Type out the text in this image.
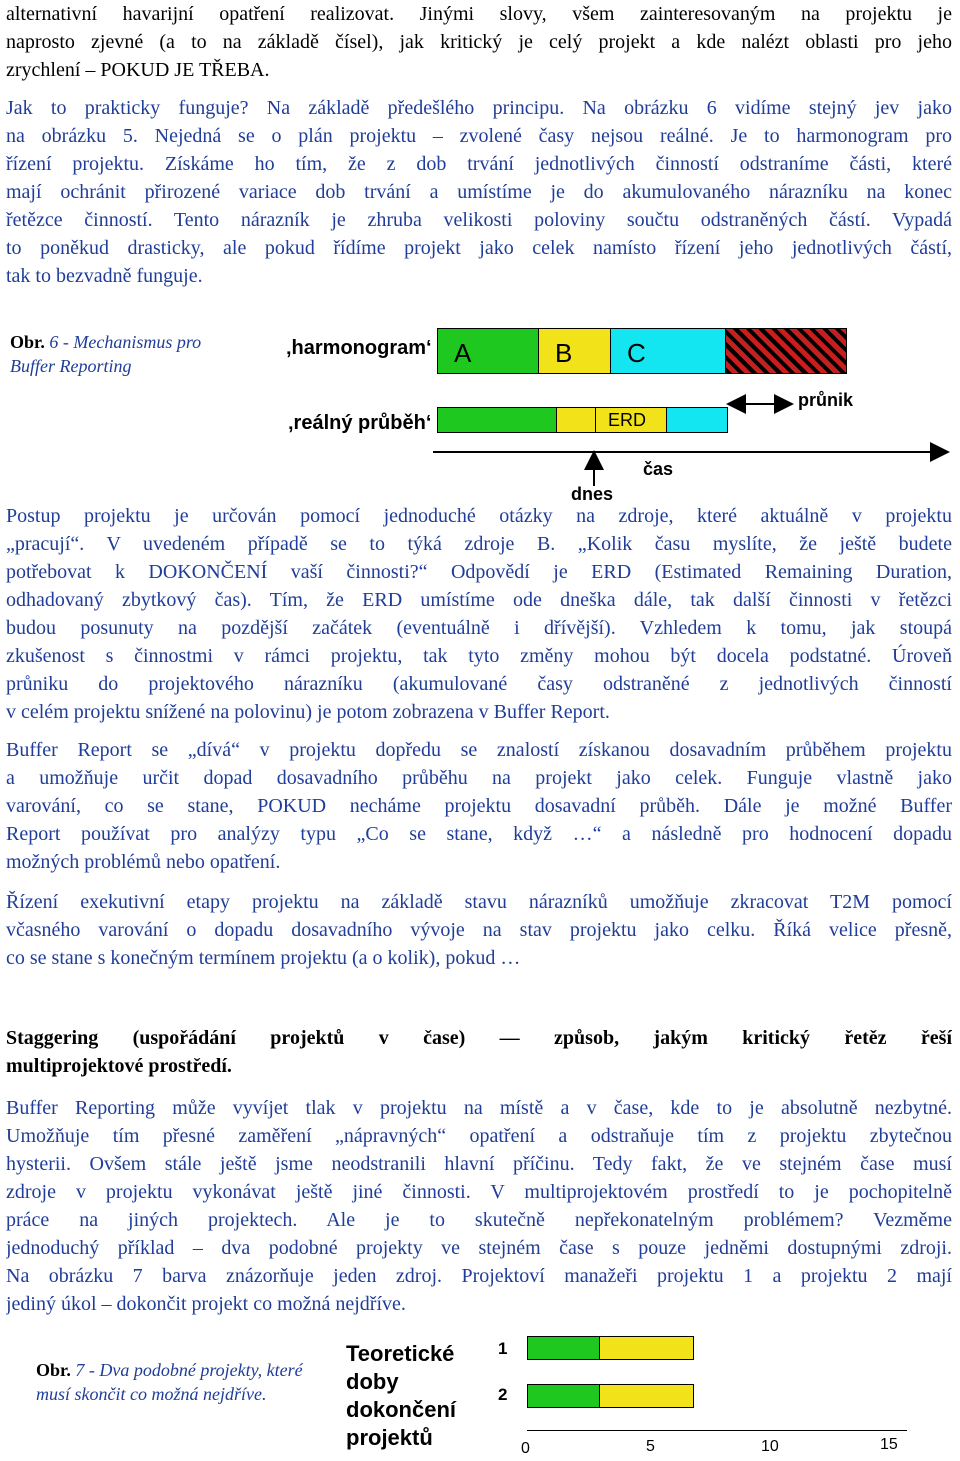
alternativní havarijní opatření realizovat. Jinými slovy, všem zainteresovaným na projektu je
naprosto zjevné (a to na základě čísel), jak kritický je celý projekt a kde nalézt oblasti pro jeho
zrychlení – POKUD JE TŘEBA.
Jak to prakticky funguje? Na základě předešlého principu. Na obrázku 6 vidíme stejný jev jako
na obrázku 5. Nejedná se o plán projektu – zvolené časy nejsou reálné. Je to harmonogram pro
řízení projektu. Získáme ho tím, že z dob trvání jednotlivých činností odstraníme části, které
mají ochránit přirozené variace dob trvání a umístíme je do akumulovaného nárazníku na konec
řetězce činností. Tento nárazník je zhruba velikosti poloviny součtu odstraněných částí. Vypadá
to poněkud drasticky, ale pokud řídíme projekt jako celek namísto řízení jeho jednotlivých částí,
tak to bezvadně funguje.
Obr. 6 - Mechanismus pro Buffer Reporting
‚harmonogram‘
‚reálný průběh‘
A	B C
ERD
průnik
čas
dnes
Postup projektu je určován pomocí jednoduché otázky na zdroje, které aktuálně v projektu
„pracují“. V uvedeném případě se to týká zdroje B. „Kolik času myslíte, že ještě budete
potřebovat k DOKONČENÍ vaší činnosti?“ Odpovědí je ERD (Estimated Remaining Duration,
odhadovaný zbytkový čas). Tím, že ERD umístíme ode dneška dále, tak další činnosti v řetězci
budou posunuty na pozdější začátek (eventuálně i dřívější). Vzhledem k tomu, jak stoupá
zkušenost s činnostmi v rámci projektu, tak tyto změny mohou být docela podstatné. Úroveň
průniku do projektového nárazníku (akumulované časy odstraněné z jednotlivých činností
v celém projektu snížené na polovinu) je potom zobrazena v Buffer Report.
Buffer Report se „dívá“ v projektu dopředu se znalostí získanou dosavadním průběhem projektu
a umožňuje určit dopad dosavadního průběhu na projekt jako celek. Funguje vlastně jako
varování, co se stane, POKUD necháme projektu dosavadní průběh. Dále je možné Buffer
Report používat pro analýzy typu „Co se stane, když …“ a následně pro hodnocení dopadu
možných problémů nebo opatření.
Řízení exekutivní etapy projektu na základě stavu nárazníků umožňuje zkracovat T2M pomocí
včasného varování o dopadu dosavadního vývoje na stav projektu jako celku. Říká velice přesně,
co se stane s konečným termínem projektu (a o kolik), pokud …
Staggering (uspořádání projektů v čase) — způsob, jakým kritický řetěz řeší
multiprojektové prostředí.
Buffer Reporting může vyvíjet tlak v projektu na místě a v čase, kde to je absolutně nezbytné.
Umožňuje tím přesné zaměření „nápravných“ opatření a odstraňuje tím z projektu zbytečnou
hysterii. Ovšem stále ještě jsme neodstranili hlavní příčinu. Tedy fakt, že ve stejném čase musí
zdroje v projektu vykonávat ještě jiné činnosti. V multiprojektovém prostředí to je pochopitelně
práce na jiných projektech. Ale je to skutečně nepřekonatelným problémem? Vezměme
jednoduchý příklad – dva podobné projekty ve stejném čase s pouze jedněmi dostupnými zdroji.
Na obrázku 7 barva znázorňuje jeden zdroj. Projektoví manažeři projektu 1 a projektu 2 mají
jediný úkol – dokončit projekt co možná nejdříve.
Obr. 7 - Dva podobné projekty, které musí skončit co možná nejdříve.
Teoretické doby dokončení projektů
1
2
0	5	10	15
